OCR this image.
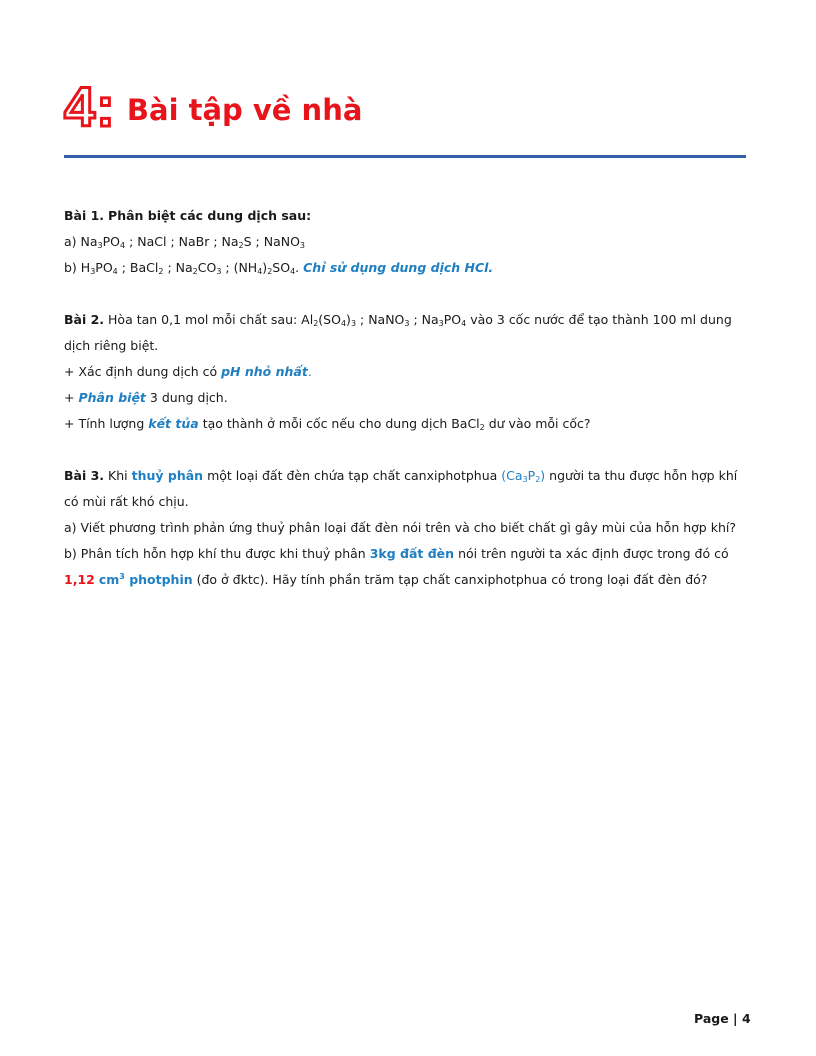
4: Bài tập về nhà

Bài 1. Phân biệt các dung dịch sau:

a) $Na_3PO_4$ ; NaCl ; NaBr ; $Na_2S$ ; NaNO$_3$

b) $H_3PO_4$ ; BaCl$_2$ ; $Na_2CO_3$ ; $(NH_4)_2SO_4$. Chỉ sử dụng dung dịch HCl.

Bài 2. Hòa tan 0,1 mol mỗi chất sau: $Al_2(SO_4)_3$ ; NaNO$_3$ ; $Na_3PO_4$ vào 3 cốc nước để tạo thành 100 ml dung dịch riêng biệt.

+ Xác định dung dịch có pH nhỏ nhất.

+ Phân biệt 3 dung dịch.

+ Tính lượng kết tủa tạo thành ở mỗi cốc nếu cho dung dịch BaCl$_2$ dư vào mỗi cốc?

Bài 3. Khi thuỷ phân một loại đất đèn chứa tạp chất canxiphotphua $(Ca_3P_2)$ người ta thu được hỗn hợp khí có mùi rất khó chịu.

a) Viết phương trình phản ứng thuỷ phân loại đất đèn nói trên và cho biết chất gì gây mùi của hỗn hợp khí?

b) Phân tích hỗn hợp khí thu được khi thuỷ phân 3kg đất đèn nói trên người ta xác định được trong đó có 1,12 $cm^3$ photphin (đo ở đktc). Hãy tính phần trăm tạp chất canxiphotphua có trong loại đất đèn đó?

Page | 4
